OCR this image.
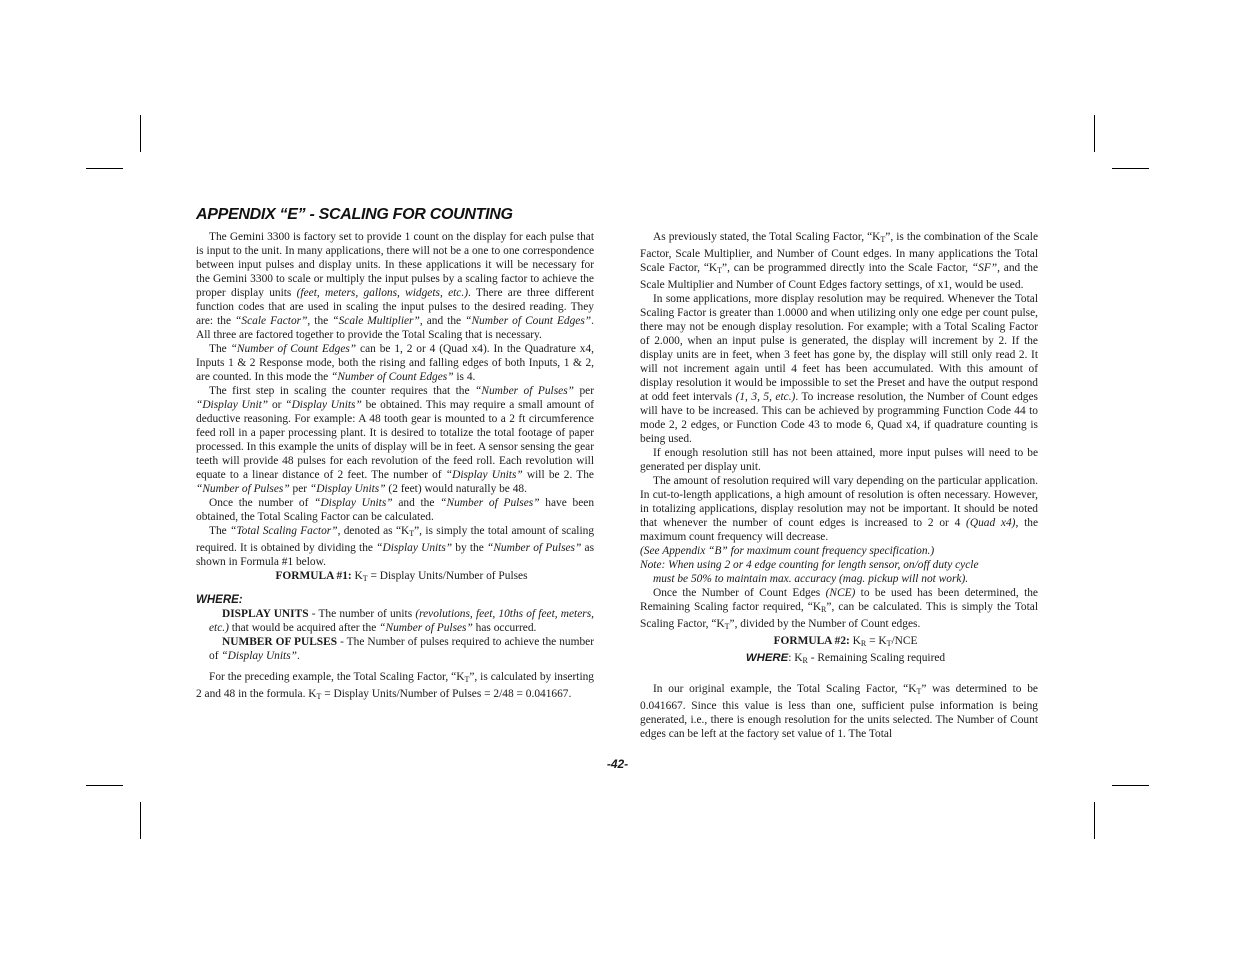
APPENDIX “E” - SCALING FOR COUNTING

The Gemini 3300 is factory set to provide 1 count on the display for each pulse that is input to the unit. In many applications, there will not be a one to one correspondence between input pulses and display units. In these applications it will be necessary for the Gemini 3300 to scale or multiply the input pulses by a scaling factor to achieve the proper display units (feet, meters, gallons, widgets, etc.). There are three different function codes that are used in scaling the input pulses to the desired reading. They are: the “Scale Factor”, the “Scale Multiplier”, and the “Number of Count Edges”. All three are factored together to provide the Total Scaling that is necessary.

The “Number of Count Edges” can be 1, 2 or 4 (Quad x4). In the Quadrature x4, Inputs 1 & 2 Response mode, both the rising and falling edges of both Inputs, 1 & 2, are counted. In this mode the “Number of Count Edges” is 4.

The first step in scaling the counter requires that the “Number of Pulses” per “Display Unit” or “Display Units” be obtained. This may require a small amount of deductive reasoning. For example: A 48 tooth gear is mounted to a 2 ft circumference feed roll in a paper processing plant. It is desired to totalize the total footage of paper processed. In this example the units of display will be in feet. A sensor sensing the gear teeth will provide 48 pulses for each revolution of the feed roll. Each revolution will equate to a linear distance of 2 feet. The number of “Display Units” will be 2. The “Number of Pulses” per “Display Units” (2 feet) would naturally be 48.

Once the number of “Display Units” and the “Number of Pulses” have been obtained, the Total Scaling Factor can be calculated.

The “Total Scaling Factor”, denoted as “$K_T$”, is simply the total amount of scaling required. It is obtained by dividing the “Display Units” by the “Number of Pulses” as shown in Formula #1 below.

FORMULA #1: $K_T$ = Display Units/Number of Pulses

WHERE:

DISPLAY UNITS - The number of units (revolutions, feet, 10ths of feet, meters, etc.) that would be acquired after the “Number of Pulses” has occurred.

NUMBER OF PULSES - The Number of pulses required to achieve the number of “Display Units”.

For the preceding example, the Total Scaling Factor, “$K_T$”, is calculated by inserting 2 and 48 in the formula. $K_T$ = Display Units/Number of Pulses = 2/48 = 0.041667.

As previously stated, the Total Scaling Factor, “$K_T$”, is the combination of the Scale Factor, Scale Multiplier, and Number of Count edges. In many applications the Total Scale Factor, “$K_T$”, can be programmed directly into the Scale Factor, “SF”, and the Scale Multiplier and Number of Count Edges factory settings, of x1, would be used.

In some applications, more display resolution may be required. Whenever the Total Scaling Factor is greater than 1.0000 and when utilizing only one edge per count pulse, there may not be enough display resolution. For example; with a Total Scaling Factor of 2.000, when an input pulse is generated, the display will increment by 2. If the display units are in feet, when 3 feet has gone by, the display will still only read 2. It will not increment again until 4 feet has been accumulated. With this amount of display resolution it would be impossible to set the Preset and have the output respond at odd feet intervals (1, 3, 5, etc.). To increase resolution, the Number of Count edges will have to be increased. This can be achieved by programming Function Code 44 to mode 2, 2 edges, or Function Code 43 to mode 6, Quad x4, if quadrature counting is being used.

If enough resolution still has not been attained, more input pulses will need to be generated per display unit.

The amount of resolution required will vary depending on the particular application. In cut-to-length applications, a high amount of resolution is often necessary. However, in totalizing applications, display resolution may not be important. It should be noted that whenever the number of count edges is increased to 2 or 4 (Quad x4), the maximum count frequency will decrease.

(See Appendix “B” for maximum count frequency specification.)

Note: When using 2 or 4 edge counting for length sensor, on/off duty cycle
must be 50% to maintain max. accuracy (mag. pickup will not work).

Once the Number of Count Edges (NCE) to be used has been determined, the Remaining Scaling factor required, “$K_R$”, can be calculated. This is simply the Total Scaling Factor, “$K_T$”, divided by the Number of Count edges.

FORMULA #2: $K_R = K_T/NCE$

WHERE: $K_R$ - Remaining Scaling required

In our original example, the Total Scaling Factor, “$K_T$” was determined to be 0.041667. Since this value is less than one, sufficient pulse information is being generated, i.e., there is enough resolution for the units selected. The Number of Count edges can be left at the factory set value of 1. The Total

-42-
